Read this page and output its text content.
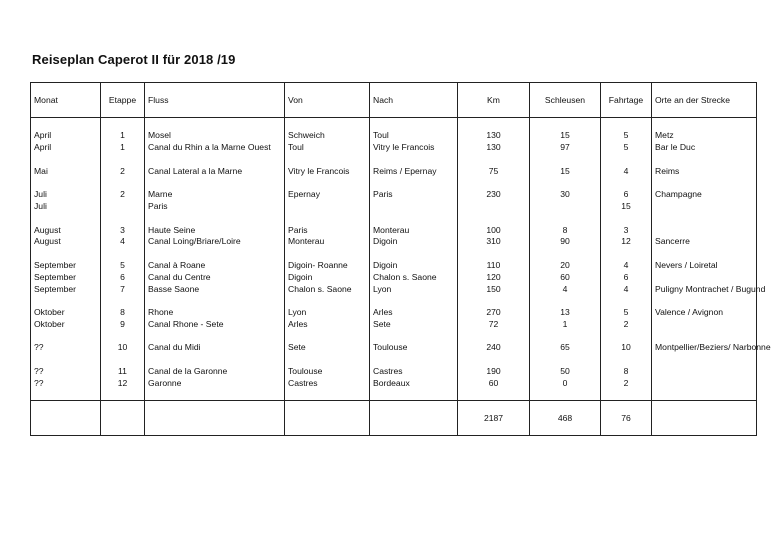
Reiseplan Caperot II für 2018 /19
Monat	Etappe	Fluss	Von	Nach	Km	Schleusen	Fahrtage	Orte an der Strecke

April	1	Mosel	Schweich	Toul	130	15	5	Metz
April	1	Canal du Rhin a la Marne Ouest	Toul	Vitry le Francois	130	97	5	Bar le Duc

Mai	2	Canal Lateral a la Marne	Vitry le Francois	Reims / Epernay	75	15	4	Reims

Juli	2	Marne	Epernay	Paris	230	30	6	Champagne
Juli		Paris					15	

August	3	Haute Seine	Paris	Monterau	100	8	3	
August	4	Canal Loing/Briare/Loire	Monterau	Digoin	310	90	12	Sancerre

September	5	Canal à Roane	Digoin- Roanne	Digoin	110	20	4	Nevers / Loiretal
September	6	Canal du Centre	Digoin	Chalon s. Saone	120	60	6	
September	7	Basse Saone	Chalon s. Saone	Lyon	150	4	4	Puligny Montrachet / Bugund

Oktober	8	Rhone	Lyon	Arles	270	13	5	Valence / Avignon
Oktober	9	Canal Rhone - Sete	Arles	Sete	72	1	2	

??	10	Canal du Midi	Sete	Toulouse	240	65	10	Montpellier/Beziers/ Narbonne

??	11	Canal de la Garonne	Toulouse	Castres	190	50	8	
??	12	Garonne	Castres	Bordeaux	60	0	2	

					2187	468	76	
